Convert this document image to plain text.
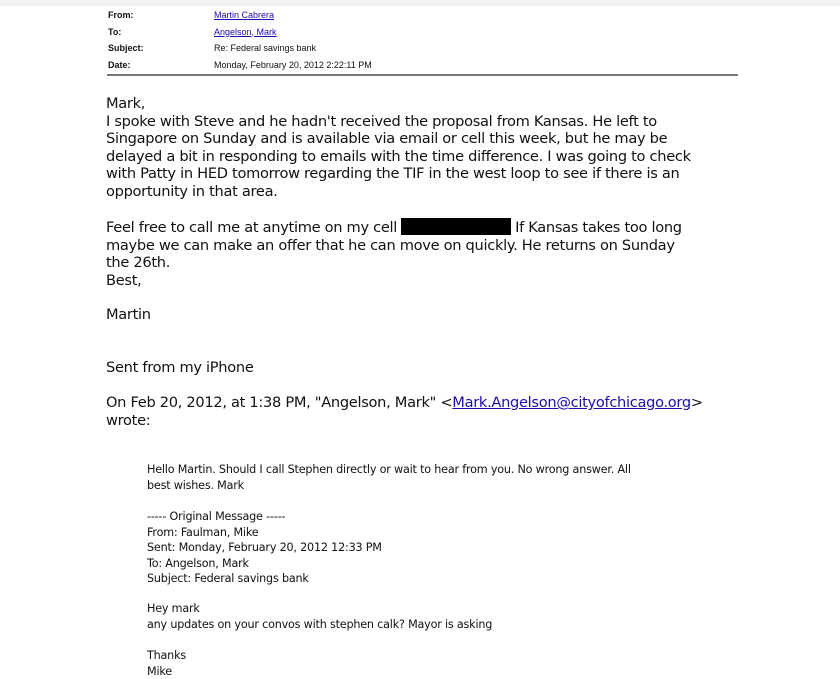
From:	Martin Cabrera
To:	Angelson, Mark
Subject:	Re: Federal savings bank
Date:	Monday, February 20, 2012 2:22:11 PM
Mark,
I spoke with Steve and he hadn't received the proposal from Kansas. He left to
Singapore on Sunday and is available via email or cell this week, but he may be
delayed a bit in responding to emails with the time difference. I was going to check
with Patty in HED tomorrow regarding the TIF in the west loop to see if there is an
opportunity in that area.
Feel free to call me at anytime on my cell	If Kansas takes too long
maybe we can make an offer that he can move on quickly. He returns on Sunday
the 26th.
Best,
Martin
Sent from my iPhone
On Feb 20, 2012, at 1:38 PM, "Angelson, Mark" <Mark.Angelson@cityofchicago.org>
wrote:
Hello Martin. Should I call Stephen directly or wait to hear from you. No wrong answer. All
best wishes. Mark
----- Original Message -----
From: Faulman, Mike
Sent: Monday, February 20, 2012 12:33 PM
To: Angelson, Mark
Subject: Federal savings bank
Hey mark
any updates on your convos with stephen calk? Mayor is asking
Thanks
Mike
